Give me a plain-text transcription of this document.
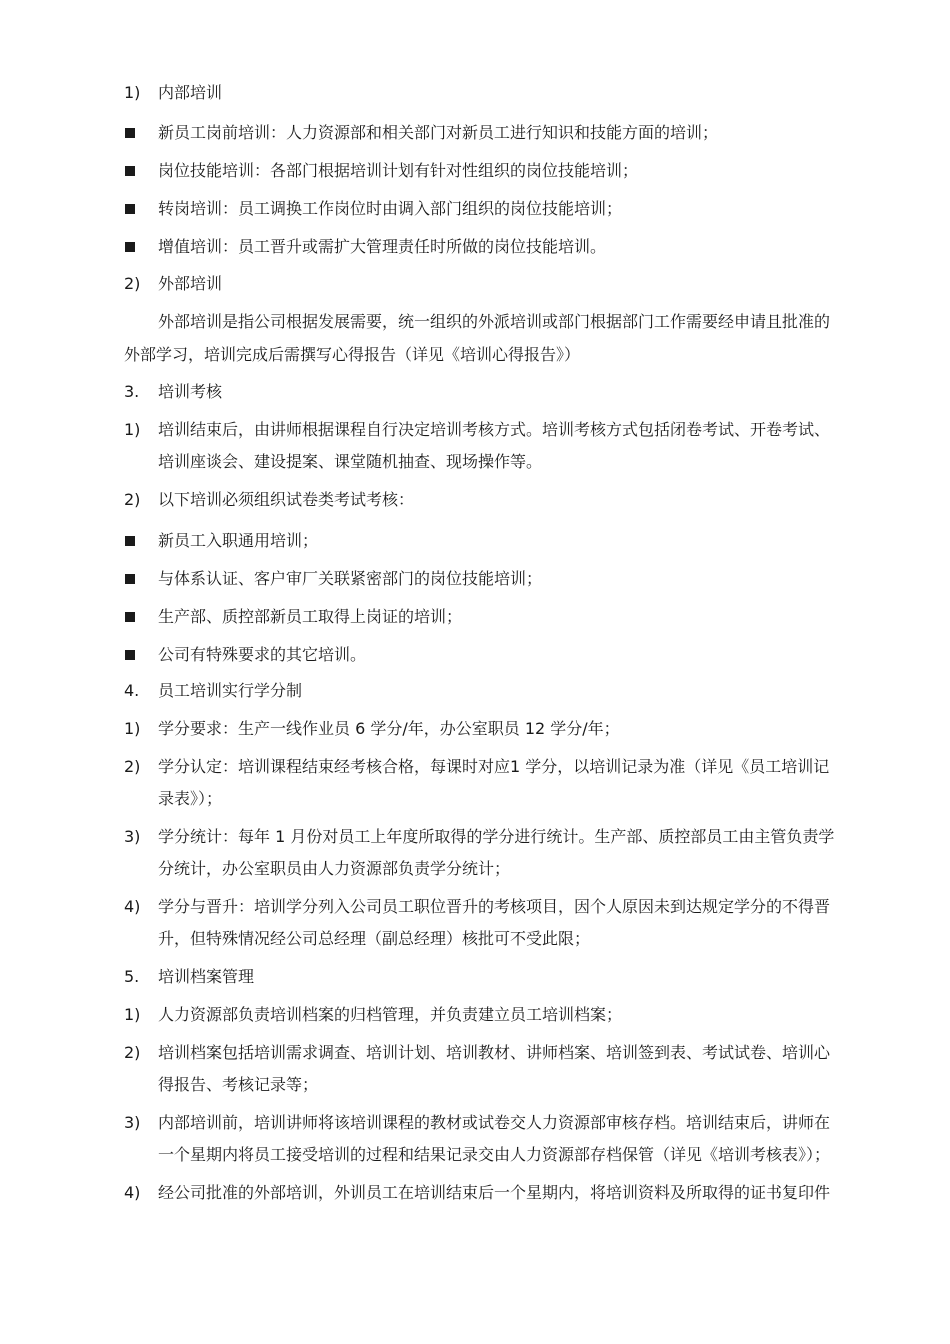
1) 内部培训
新员工岗前培训：人力资源部和相关部门对新员工进行知识和技能方面的培训；
岗位技能培训：各部门根据培训计划有针对性组织的岗位技能培训；
转岗培训：员工调换工作岗位时由调入部门组织的岗位技能培训；
增值培训：员工晋升或需扩大管理责任时所做的岗位技能培训。
2) 外部培训
外部培训是指公司根据发展需要，统一组织的外派培训或部门根据部门工作需要经申请且批准的
外部学习，培训完成后需撰写心得报告（详见《培训心得报告》）
3. 培训考核
1) 培训结束后，由讲师根据课程自行决定培训考核方式。培训考核方式包括闭卷考试、开卷考试、
培训座谈会、建设提案、课堂随机抽查、现场操作等。
2) 以下培训必须组织试卷类考试考核：
新员工入职通用培训；
与体系认证、客户审厂关联紧密部门的岗位技能培训；
生产部、质控部新员工取得上岗证的培训；
公司有特殊要求的其它培训。
4. 员工培训实行学分制
1) 学分要求：生产一线作业员 6 学分/年，办公室职员 12 学分/年；
2) 学分认定：培训课程结束经考核合格，每课时对应1 学分，以培训记录为准（详见《员工培训记
录表》）；
3) 学分统计：每年 1 月份对员工上年度所取得的学分进行统计。生产部、质控部员工由主管负责学
分统计，办公室职员由人力资源部负责学分统计；
4) 学分与晋升：培训学分列入公司员工职位晋升的考核项目，因个人原因未到达规定学分的不得晋
升，但特殊情况经公司总经理（副总经理）核批可不受此限；
5. 培训档案管理
1) 人力资源部负责培训档案的归档管理，并负责建立员工培训档案；
2) 培训档案包括培训需求调查、培训计划、培训教材、讲师档案、培训签到表、考试试卷、培训心
得报告、考核记录等；
3) 内部培训前，培训讲师将该培训课程的教材或试卷交人力资源部审核存档。培训结束后，讲师在
一个星期内将员工接受培训的过程和结果记录交由人力资源部存档保管（详见《培训考核表》）；
4) 经公司批准的外部培训，外训员工在培训结束后一个星期内，将培训资料及所取得的证书复印件
